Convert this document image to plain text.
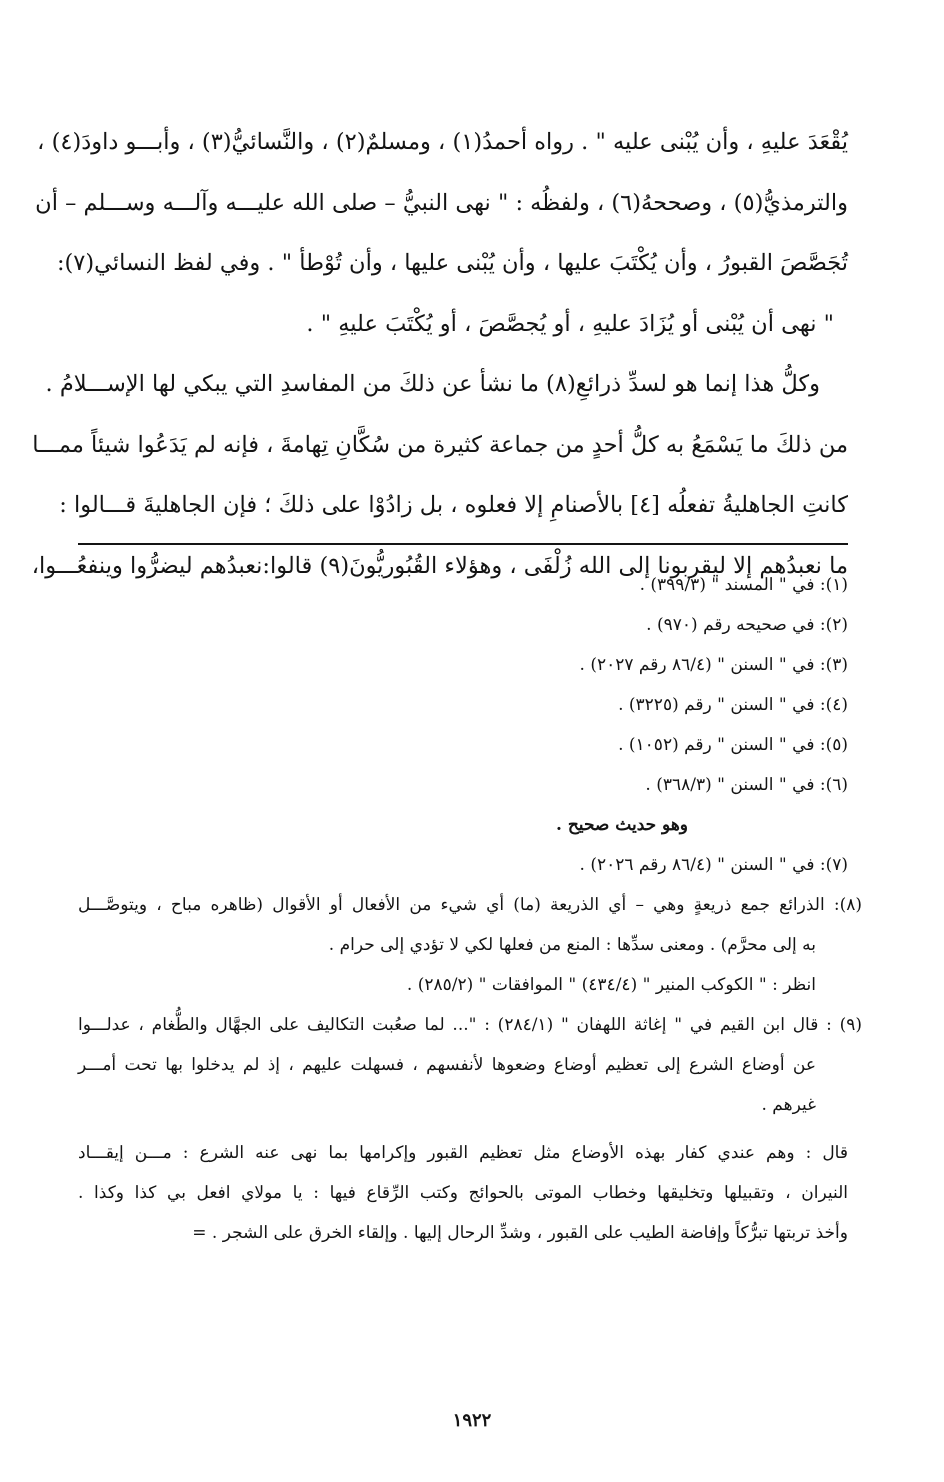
يُقْعَدَ عليهِ ، وأن يُبْنى عليه " . رواه أحمدُ(١) ، ومسلمٌ(٢) ، والنَّسائيُّ(٣) ، وأبـــو داودَ(٤) ،
والترمذيُّ(٥) ، وصححهُ(٦) ، ولفظُه : " نهى النبيُّ – صلى الله عليـــه وآلـــه وســـلم – أن
تُجَصَّصَ القبورُ ، وأن يُكْتَبَ عليها ، وأن يُبْنى عليها ، وأن تُوْطأ " . وفي لفظ النسائي(٧):
" نهى أن يُبْنى أو يُزَادَ عليهِ ، أو يُجصَّصَ ، أو يُكْتَبَ عليهِ " .
وكلُّ هذا إنما هو لسدِّ ذرائعِ(٨) ما نشأ عن ذلكَ من المفاسدِ التي يبكي لها الإســـلامُ .
من ذلكَ ما يَسْمَعُ به كلُّ أحدٍ من جماعة كثيرة من سُكَّانِ تِهامةَ ، فإنه لم يَدَعُوا شيئاً ممـــا
كانتِ الجاهليةُ تفعلُه [٤] بالأصنامِ إلا فعلوه ، بل زادُوْا على ذلكَ ؛ فإن الجاهليةَ قـــالوا :
ما نعبدُهم إلا ليقربونا إلى الله زُلْفَى ، وهؤلاء القُبُوريُّونَ(٩) قالوا:نعبدُهم ليضرُّوا وينفعُـــوا،
(١): في " المسند " (٣٩٩/٣) .
(٢): في صحيحه رقم (٩٧٠) .
(٣): في " السنن " (٨٦/٤ رقم ٢٠٢٧) .
(٤): في " السنن " رقم (٣٢٢٥) .
(٥): في " السنن " رقم (١٠٥٢) .
(٦): في " السنن " (٣٦٨/٣) .
وهو حديث صحيح .
(٧): في " السنن " (٨٦/٤ رقم ٢٠٢٦) .
(٨): الذرائع جمع ذريعةٍ وهي – أي الذريعة (ما) أي شيء من الأفعال أو الأقوال (ظاهره مباح ، ويتوصَّـــل
به إلى محرَّم) . ومعنى سدِّها : المنع من فعلها لكي لا تؤدي إلى حرام .
انظر : " الكوكب المنير " (٤٣٤/٤) " الموافقات " (٢٨٥/٢) .
(٩) : قال ابن القيم في " إغاثة اللهفان " (٢٨٤/١) : "... لما صعُبت التكاليف على الجهَّال والطُّغام ، عدلـــوا
عن أوضاع الشرع إلى تعظيم أوضاع وضعوها لأنفسهم ، فسهلت عليهم ، إذ لم يدخلوا بها تحت أمـــر
غيرهم .
قال : وهم عندي كفار بهذه الأوضاع مثل تعظيم القبور وإكرامها بما نهى عنه الشرع : مـــن إيقـــاد
النيران ، وتقبيلها وتخليقها وخطاب الموتى بالحوائج وكتب الرِّقاع فيها : يا مولاي افعل بي كذا وكذا .
وأخذ تربتها تبرُّكاً وإفاضة الطيب على القبور ، وشدِّ الرحال إليها . وإلقاء الخرق على الشجر . =
١٩٢٢
